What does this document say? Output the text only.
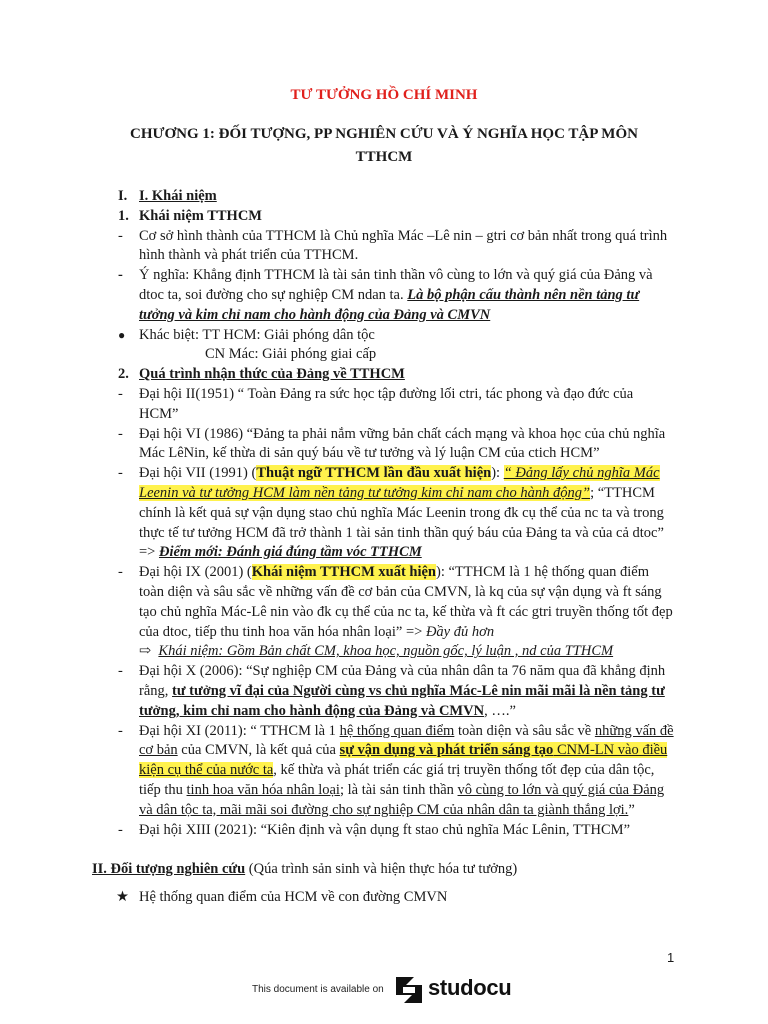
TƯ TƯỞNG HỒ CHÍ MINH
CHƯƠNG 1: ĐỐI TƯỢNG, PP NGHIÊN CỨU VÀ Ý NGHĨA HỌC TẬP MÔN TTHCM
I. I. Khái niệm
1. Khái niệm TTHCM
- Cơ sở hình thành của TTHCM là Chủ nghĩa Mác –Lê nin – gtri cơ bản nhất trong quá trình hình thành và phát triển của TTHCM.
- Ý nghĩa: Khẳng định TTHCM là tài sản tinh thần vô cùng to lớn và quý giá của Đảng và dtoc ta, soi đường cho sự nghiệp CM ndan ta. Là bộ phận cấu thành nên nền tảng tư tưởng và kim chỉ nam cho hành động của Đảng và CMVN
● Khác biệt: TT HCM: Giải phóng dân tộc
CN Mác: Giải phóng giai cấp
2. Quá trình nhận thức của Đảng về TTHCM
- Đại hội II(1951) “ Toàn Đảng ra sức học tập đường lối ctri, tác phong và đạo đức của HCM”
- Đại hội VI (1986) “Đảng ta phải nắm vững bản chất cách mạng và khoa học của chủ nghĩa Mác LêNin, kế thừa di sản quý báu về tư tưởng và lý luận CM của ctich HCM”
- Đại hội VII (1991) (Thuật ngữ TTHCM lần đầu xuất hiện): “ Đảng lấy chủ nghĩa Mác Leenin và tư tưởng HCM làm nền tảng tư tưởng kim chỉ nam cho hành động”; “TTHCM chính là kết quả sự vận dụng stao chủ nghĩa Mác Leenin trong đk cụ thể của nc ta và trong thực tế tư tưởng HCM đã trở thành 1 tài sản tinh thần quý báu của Đảng ta và của cả dtoc” => Điểm mới: Đánh giá đúng tầm vóc TTHCM
- Đại hội IX (2001) (Khái niệm TTHCM xuất hiện): “TTHCM là 1 hệ thống quan điểm toàn diện và sâu sắc về những vấn đề cơ bản của CMVN, là kq của sự vận dụng và ft sáng tạo chủ nghĩa Mác-Lê nin vào đk cụ thể của nc ta, kế thừa và ft các gtri truyền thống tốt đẹp của dtoc, tiếp thu tinh hoa văn hóa nhân loại” => Đầy đủ hơn
⇨ Khái niệm: Gồm Bản chất CM, khoa học, nguồn gốc, lý luận , nd của TTHCM
- Đại hội X (2006): “Sự nghiệp CM của Đảng và của nhân dân ta 76 năm qua đã khẳng định rằng, tư tưởng vĩ đại của Người cùng vs chủ nghĩa Mác-Lê nin mãi mãi là nền tảng tư tưởng, kim chỉ nam cho hành động của Đảng và CMVN, ….”
- Đại hội XI (2011): “ TTHCM là 1 hệ thống quan điểm toàn diện và sâu sắc về những vấn đề cơ bản của CMVN, là kết quả của sự vận dụng và phát triển sáng tạo CNM-LN vào điều kiện cụ thể của nước ta, kế thừa và phát triển các giá trị truyền thống tốt đẹp của dân tộc, tiếp thu tinh hoa văn hóa nhân loại; là tài sản tinh thần vô cùng to lớn và quý giá của Đảng và dân tộc ta, mãi mãi soi đường cho sự nghiệp CM của nhân dân ta giành thắng lợi.”
- Đại hội XIII (2021): “Kiên định và vận dụng ft stao chủ nghĩa Mác Lênin, TTHCM”
II. Đối tượng nghiên cứu (Qúa trình sản sinh và hiện thực hóa tư tưởng)
★ Hệ thống quan điểm của HCM về con đường CMVN
1
This document is available on studocu
